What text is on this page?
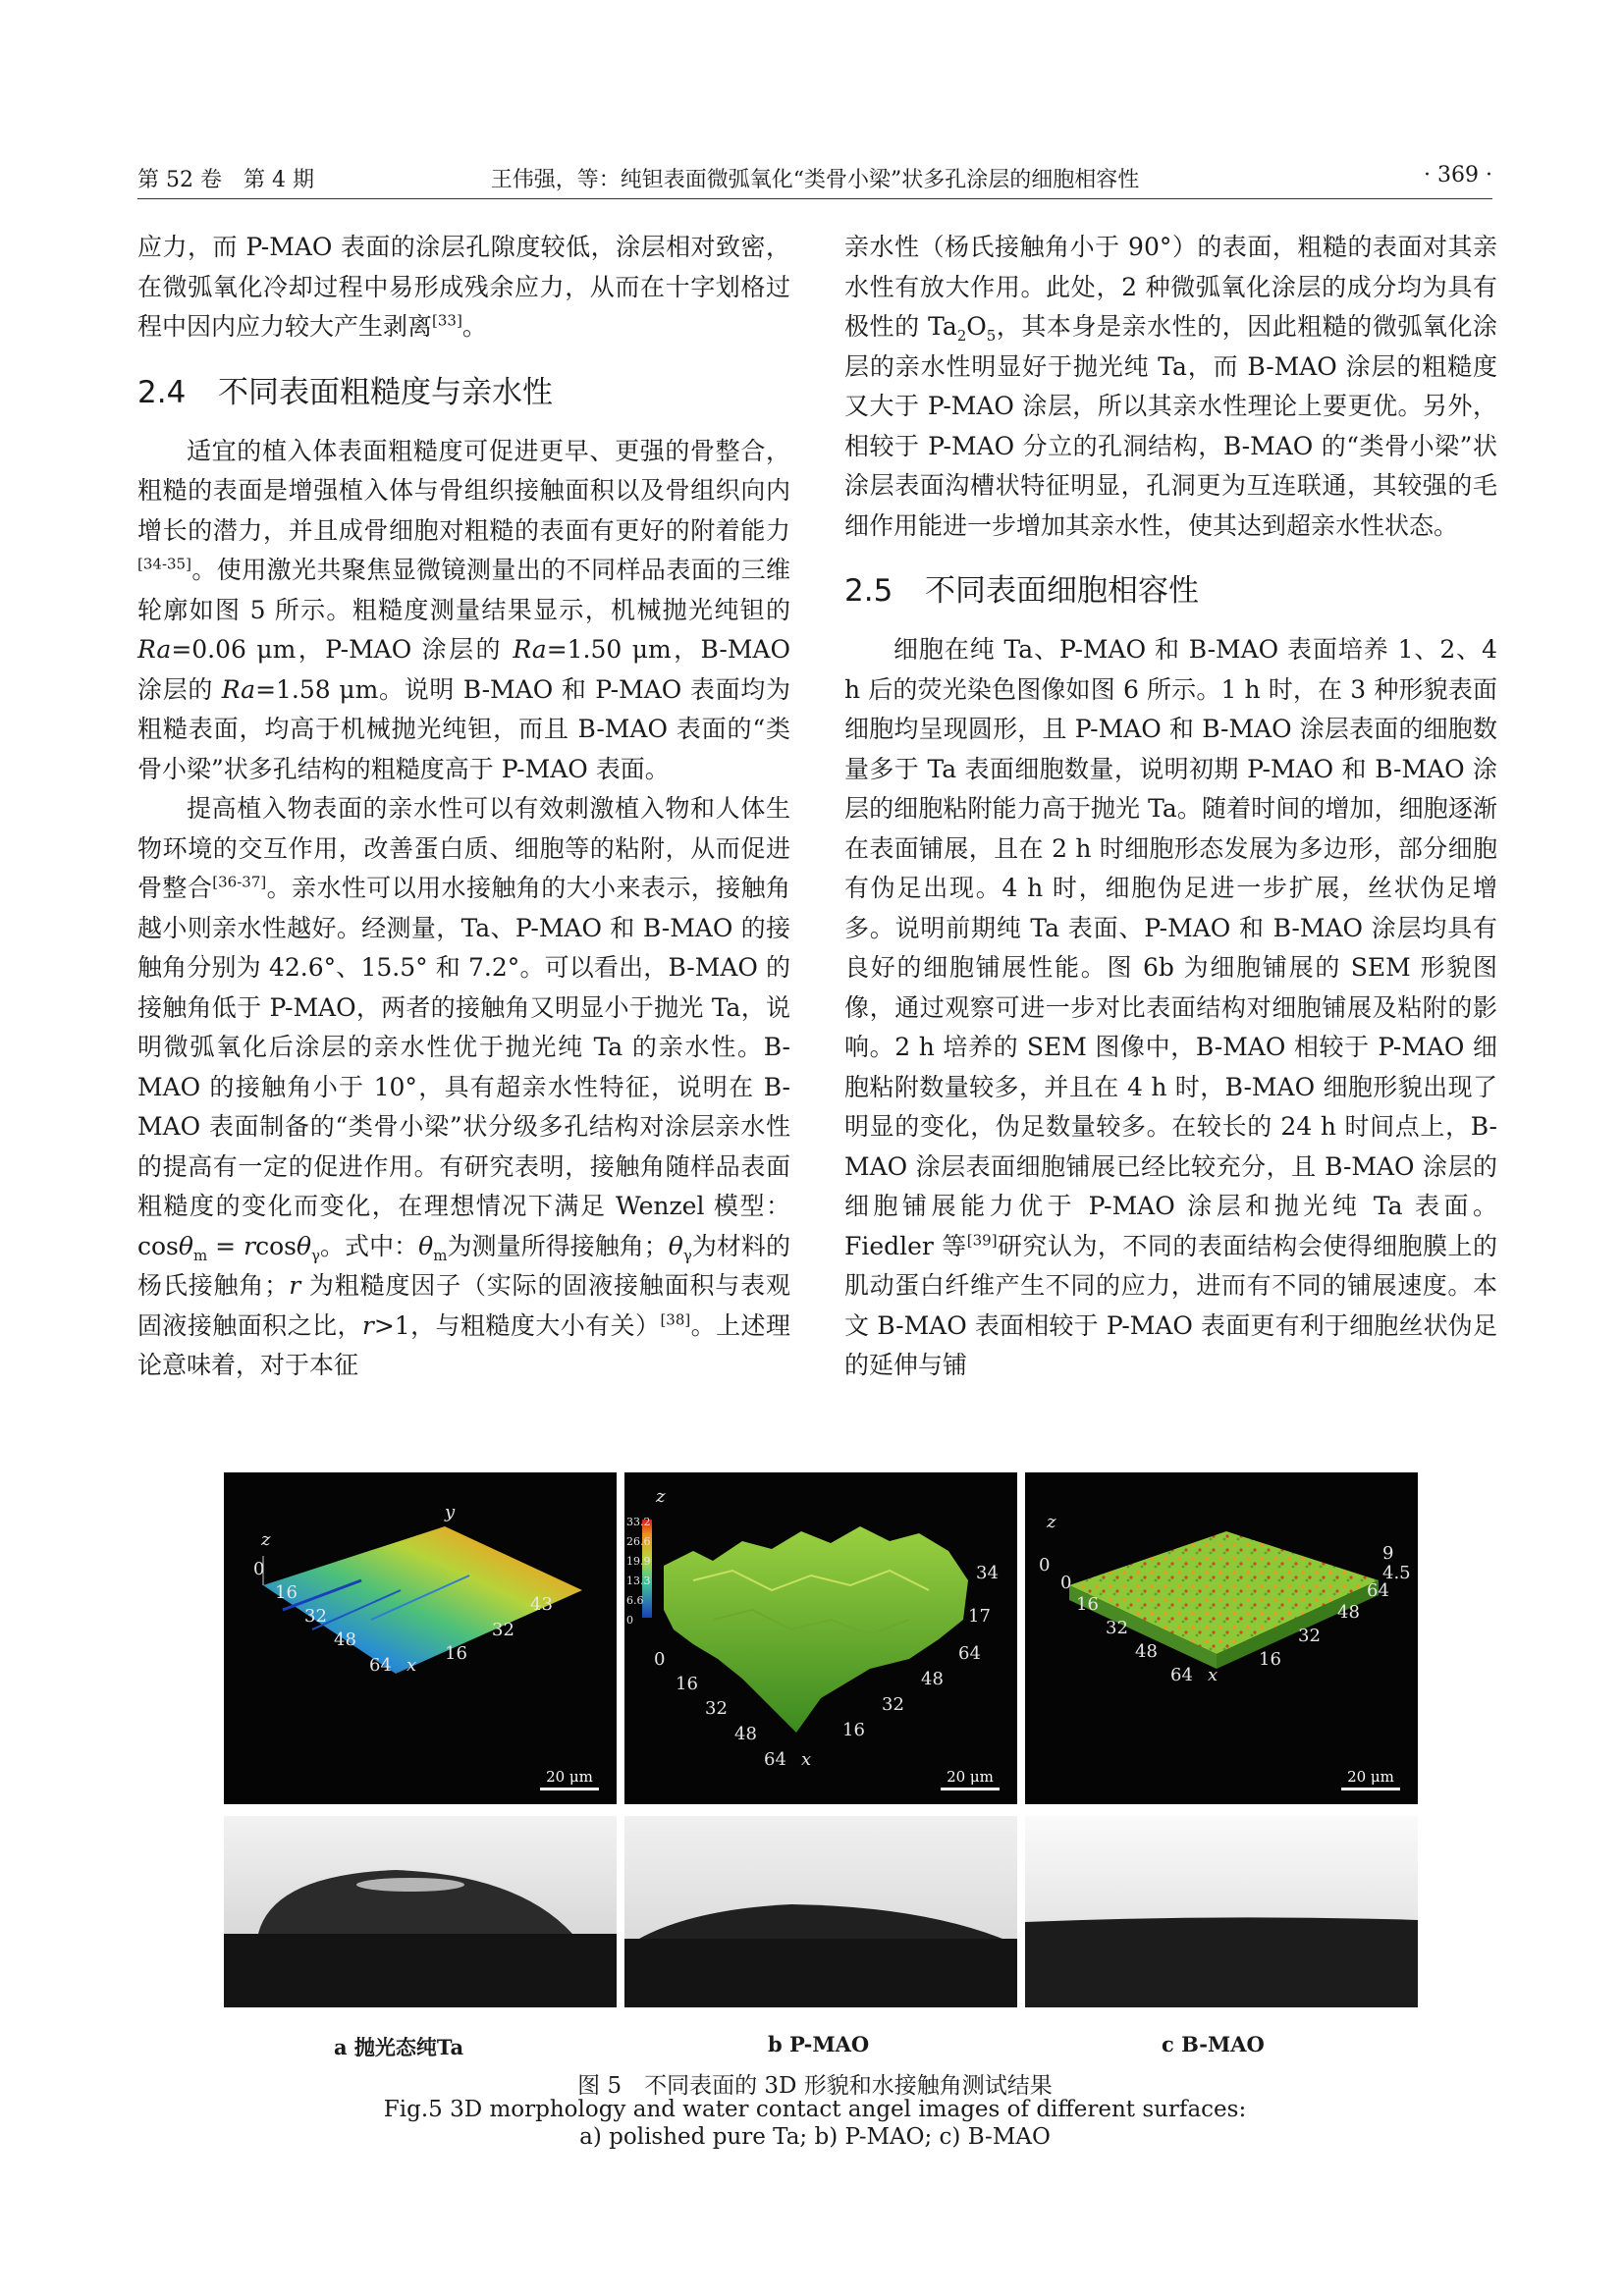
第 52 卷　第 4 期	王伟强，等：纯钽表面微弧氧化“类骨小梁”状多孔涂层的细胞相容性	· 369 ·

应力，而 P-MAO 表面的涂层孔隙度较低，涂层相对致密，在微弧氧化冷却过程中易形成残余应力，从而在十字划格过程中因内应力较大产生剥离[33]。

2.4 不同表面粗糙度与亲水性

适宜的植入体表面粗糙度可促进更早、更强的骨整合，粗糙的表面是增强植入体与骨组织接触面积以及骨组织向内增长的潜力，并且成骨细胞对粗糙的表面有更好的附着能力[34-35]。使用激光共聚焦显微镜测量出的不同样品表面的三维轮廓如图 5 所示。粗糙度测量结果显示，机械抛光纯钽的 Ra=0.06 μm，P-MAO 涂层的 Ra=1.50 μm，B-MAO 涂层的 Ra=1.58 μm。说明 B-MAO 和 P-MAO 表面均为粗糙表面，均高于机械抛光纯钽，而且 B-MAO 表面的“类骨小梁”状多孔结构的粗糙度高于 P-MAO 表面。

提高植入物表面的亲水性可以有效刺激植入物和人体生物环境的交互作用，改善蛋白质、细胞等的粘附，从而促进骨整合[36-37]。亲水性可以用水接触角的大小来表示，接触角越小则亲水性越好。经测量，Ta、P-MAO 和 B-MAO 的接触角分别为 42.6°、15.5° 和 7.2°。可以看出，B-MAO 的接触角低于 P-MAO，两者的接触角又明显小于抛光 Ta，说明微弧氧化后涂层的亲水性优于抛光纯 Ta 的亲水性。B-MAO 的接触角小于 10°，具有超亲水性特征，说明在 B-MAO 表面制备的“类骨小梁”状分级多孔结构对涂层亲水性的提高有一定的促进作用。有研究表明，接触角随样品表面粗糙度的变化而变化，在理想情况下满足 Wenzel 模型：cosθ$_m$ = rcosθ$_\gamma$。式中：$\theta_m$为测量所得接触角；$\theta_\gamma$为材料的杨氏接触角；r 为粗糙度因子（实际的固液接触面积与表观固液接触面积之比，r>1，与粗糙度大小有关）[38]。上述理论意味着，对于本征

亲水性（杨氏接触角小于 90°）的表面，粗糙的表面对其亲水性有放大作用。此处，2 种微弧氧化涂层的成分均为具有极性的 $Ta_2O_5$，其本身是亲水性的，因此粗糙的微弧氧化涂层的亲水性明显好于抛光纯 Ta，而 B-MAO 涂层的粗糙度又大于 P-MAO 涂层，所以其亲水性理论上要更优。另外，相较于 P-MAO 分立的孔洞结构，B-MAO 的“类骨小梁”状涂层表面沟槽状特征明显，孔洞更为互连联通，其较强的毛细作用能进一步增加其亲水性，使其达到超亲水性状态。

2.5 不同表面细胞相容性

细胞在纯 Ta、P-MAO 和 B-MAO 表面培养 1、2、4 h 后的荧光染色图像如图 6 所示。1 h 时，在 3 种形貌表面细胞均呈现圆形，且 P-MAO 和 B-MAO 涂层表面的细胞数量多于 Ta 表面细胞数量，说明初期 P-MAO 和 B-MAO 涂层的细胞粘附能力高于抛光 Ta。随着时间的增加，细胞逐渐在表面铺展，且在 2 h 时细胞形态发展为多边形，部分细胞有伪足出现。4 h 时，细胞伪足进一步扩展，丝状伪足增多。说明前期纯 Ta 表面、P-MAO 和 B-MAO 涂层均具有良好的细胞铺展性能。图 6b 为细胞铺展的 SEM 形貌图像，通过观察可进一步对比表面结构对细胞铺展及粘附的影响。2 h 培养的 SEM 图像中，B-MAO 相较于 P-MAO 细胞粘附数量较多，并且在 4 h 时，B-MAO 细胞形貌出现了明显的变化，伪足数量较多。在较长的 24 h 时间点上，B-MAO 涂层表面细胞铺展已经比较充分，且 B-MAO 涂层的细胞铺展能力优于 P-MAO 涂层和抛光纯 Ta 表面。Fiedler 等[39]研究认为，不同的表面结构会使得细胞膜上的肌动蛋白纤维产生不同的应力，进而有不同的铺展速度。本文 B-MAO 表面相较于 P-MAO 表面更有利于细胞丝状伪足的延伸与铺

z
y
0
16
32
48
64 x
43
32
16
20 μm
z
33.2
26.6
19.9
13.3
6.6
0
0
16
32
48
64 x
34
17
64
48
32
16
20 μm
z
0
0
16
32
48
64 x
9
4.5
64
48
32
16
20 μm
a 抛光态纯Ta	b P-MAO	c B-MAO
图 5　不同表面的 3D 形貌和水接触角测试结果
Fig.5 3D morphology and water contact angel images of different surfaces:
a) polished pure Ta; b) P-MAO; c) B-MAO
